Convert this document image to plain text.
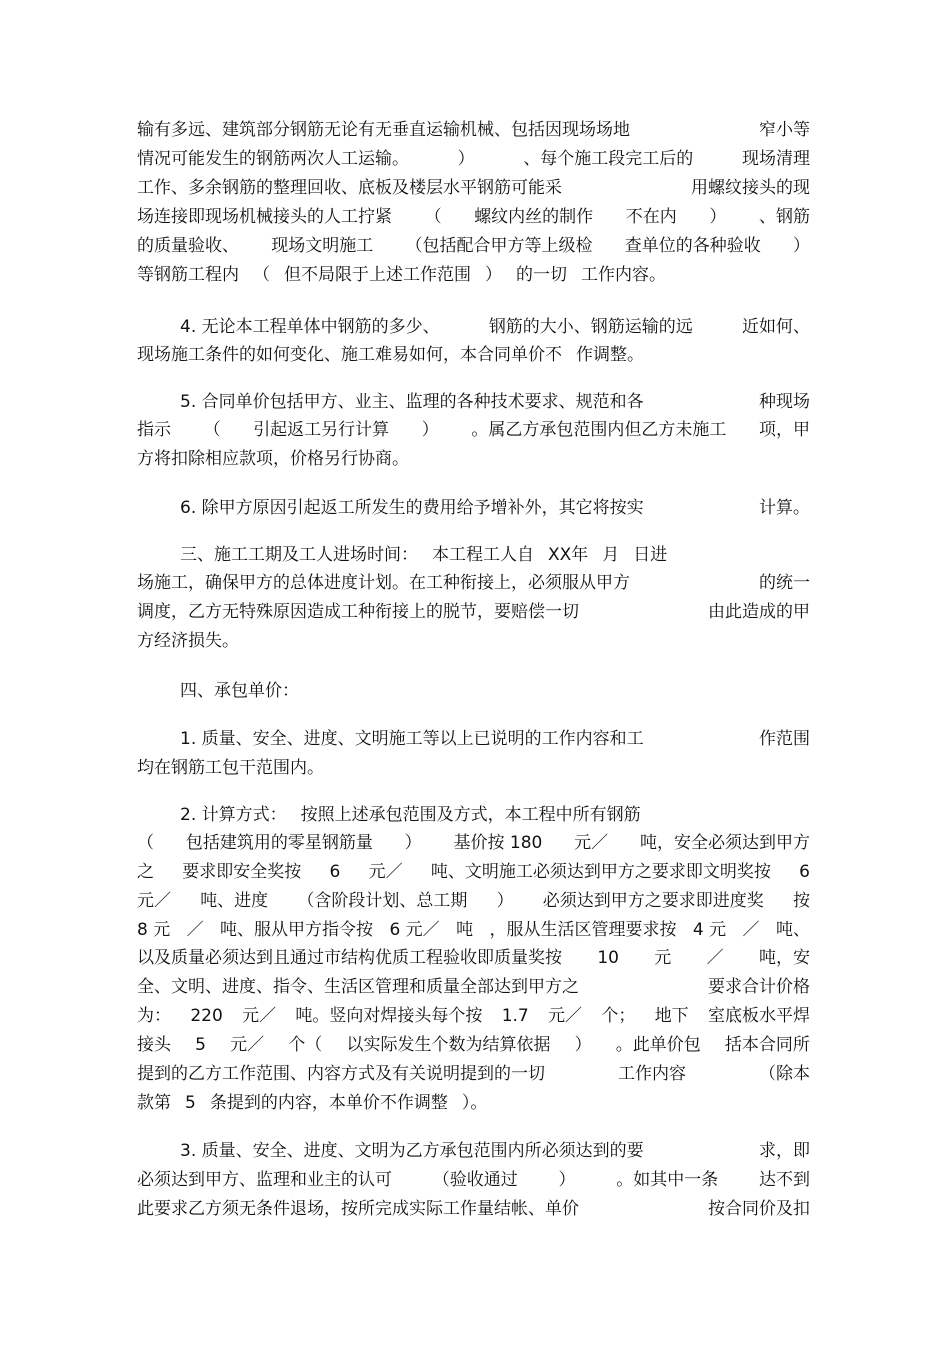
输有多远、建筑部分钢筋无论有无垂直运输机械、包括因现场场地	窄小等
情况可能发生的钢筋两次人工运输。	）	、每个施工段完工后的	现场清理
工作、多余钢筋的整理回收、底板及楼层水平钢筋可能采	用螺纹接头的现
场连接即现场机械接头的人工拧紧 （ 螺纹内丝的制作 不在内 ） 、钢筋
的质量验收、 现场文明施工 （包括配合甲方等上级检 查单位的各种验收 ）
等钢筋工程内 （ 但不局限于上述工作范围 ） 的一切 工作内容。
4. 无论本工程单体中钢筋的多少、	钢筋的大小、钢筋运输的远	近如何、
现场施工条件的如何变化、施工难易如何，本合同单价不 作调整。
5. 合同单价包括甲方、业主、监理的各种技术要求、规范和各	种现场
指示 （ 引起返工另行计算 ） 。属乙方承包范围内但乙方未施工 项，甲
方将扣除相应款项，价格另行协商。
6. 除甲方原因引起返工所发生的费用给予增补外，其它将按实	计算。
三、施工工期及工人进场时间： 本工程工人自 XX年 月 日进
场施工，确保甲方的总体进度计划。在工种衔接上，必须服从甲方	的统一
调度，乙方无特殊原因造成工种衔接上的脱节，要赔偿一切	由此造成的甲
方经济损失。
四、承包单价：
1. 质量、安全、进度、文明施工等以上已说明的工作内容和工	作范围
均在钢筋工包干范围内。
2. 计算方式： 按照上述承包范围及方式，本工程中所有钢筋
（ 包括建筑用的零星钢筋量 ） 基价按 180 元／ 吨，安全必须达到甲方
之 要求即安全奖按 6 元／ 吨、文明施工必须达到甲方之要求即文明奖按 6
元／ 吨、进度 （含阶段计划、总工期 ） 必须达到甲方之要求即进度奖 按
8 元 ／ 吨、服从甲方指令按 6 元／ 吨 ，服从生活区管理要求按 4 元 ／ 吨、
以及质量必须达到且通过市结构优质工程验收即质量奖按 10 元 ／ 吨，安
全、文明、进度、指令、生活区管理和质量全部达到甲方之	要求合计价格
为： 220 元／ 吨。竖向对焊接头每个按 1.7 元／ 个； 地下 室底板水平焊
接头 5 元／ 个（ 以实际发生个数为结算依据 ） 。此单价包 括本合同所
提到的乙方工作范围、内容方式及有关说明提到的一切	工作内容	（除本
款第 5 条提到的内容，本单价不作调整 ）。
3. 质量、安全、进度、文明为乙方承包范围内所必须达到的要	求，即
必须达到甲方、监理和业主的认可 （验收通过 ） 。如其中一条 达不到
此要求乙方须无条件退场，按所完成实际工作量结帐、单价	按合同价及扣
